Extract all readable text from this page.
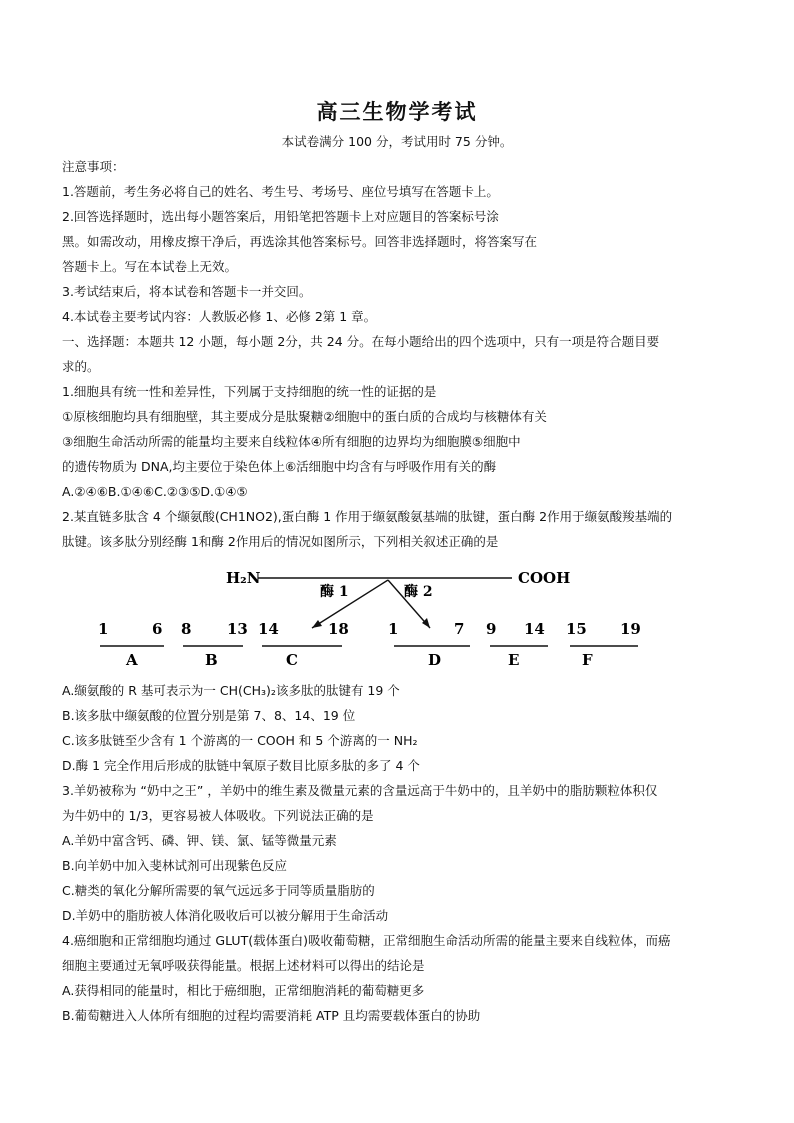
高三生物学考试
本试卷满分 100 分，考试用时 75 分钟。
注意事项：
1.答题前，考生务必将自己的姓名、考生号、考场号、座位号填写在答题卡上。
2.回答选择题时，选出每小题答案后，用铅笔把答题卡上对应题目的答案标号涂
黑。如需改动，用橡皮擦干净后，再选涂其他答案标号。回答非选择题时，将答案写在
答题卡上。写在本试卷上无效。
3.考试结束后，将本试卷和答题卡一并交回。
4.本试卷主要考试内容：人教版必修 1、必修 2第 1 章。
一、选择题：本题共 12 小题，每小题 2分，共 24 分。在每小题给出的四个选项中，只有一项是符合题目要
求的。
1.细胞具有统一性和差异性，下列属于支持细胞的统一性的证据的是
①原核细胞均具有细胞壁，其主要成分是肽聚糖②细胞中的蛋白质的合成均与核糖体有关
③细胞生命活动所需的能量均主要来自线粒体④所有细胞的边界均为细胞膜⑤细胞中
的遗传物质为 DNA,均主要位于染色体上⑥活细胞中均含有与呼吸作用有关的酶
A.②④⑥B.①④⑥C.②③⑤D.①④⑤
2.某直链多肽含 4 个缬氨酸(CH1NO2),蛋白酶 1 作用于缬氨酸氨基端的肽键，蛋白酶 2作用于缬氨酸羧基端的
肽键。该多肽分别经酶 1和酶 2作用后的情况如图所示，下列相关叙述正确的是
H₂N	COOH
酶 1	酶 2
1	6
A
8 13
B
14	18
C
1	7
D
9 14
E
15 19
F
A.缬氨酸的 R 基可表示为一 CH(CH₃)₂该多肽的肽键有 19 个
B.该多肽中缬氨酸的位置分别是第 7、8、14、19 位
C.该多肽链至少含有 1 个游离的一 COOH 和 5 个游离的一 NH₂
D.酶 1 完全作用后形成的肽链中氧原子数目比原多肽的多了 4 个
3.羊奶被称为 “奶中之王” ，羊奶中的维生素及微量元素的含量远高于牛奶中的，且羊奶中的脂肪颗粒体积仅
为牛奶中的 1/3，更容易被人体吸收。下列说法正确的是
A.羊奶中富含钙、磷、钾、镁、氯、锰等微量元素
B.向羊奶中加入斐林试剂可出现紫色反应
C.糖类的氧化分解所需要的氧气远远多于同等质量脂肪的
D.羊奶中的脂肪被人体消化吸收后可以被分解用于生命活动
4.癌细胞和正常细胞均通过 GLUT(载体蛋白)吸收葡萄糖，正常细胞生命活动所需的能量主要来自线粒体，而癌
细胞主要通过无氧呼吸获得能量。根据上述材料可以得出的结论是
A.获得相同的能量时，相比于癌细胞，正常细胞消耗的葡萄糖更多
B.葡萄糖进入人体所有细胞的过程均需要消耗 ATP 且均需要载体蛋白的协助
